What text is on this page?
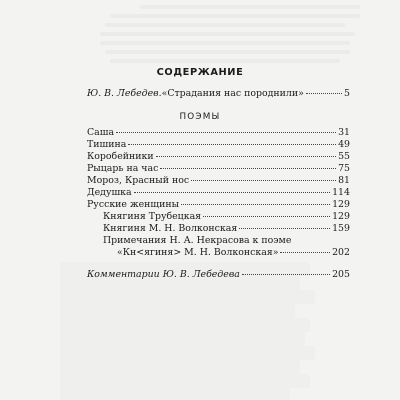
СОДЕРЖАНИЕ
Ю. В. Лебедев. «Страдания нас породнили»	5
ПОЭМЫ
Саша	31
Тишина	49
Коробейники	55
Рыцарь на час	75
Мороз, Красный нос	81
Дедушка	114
Русские женщины	129
Княгиня Трубецкая	129
Княгиня М. Н. Волконская	159
Примечания Н. А. Некрасова к поэме
«Кн<ягиня> М. Н. Волконская»	202
Комментарии Ю. В. Лебедева	205
